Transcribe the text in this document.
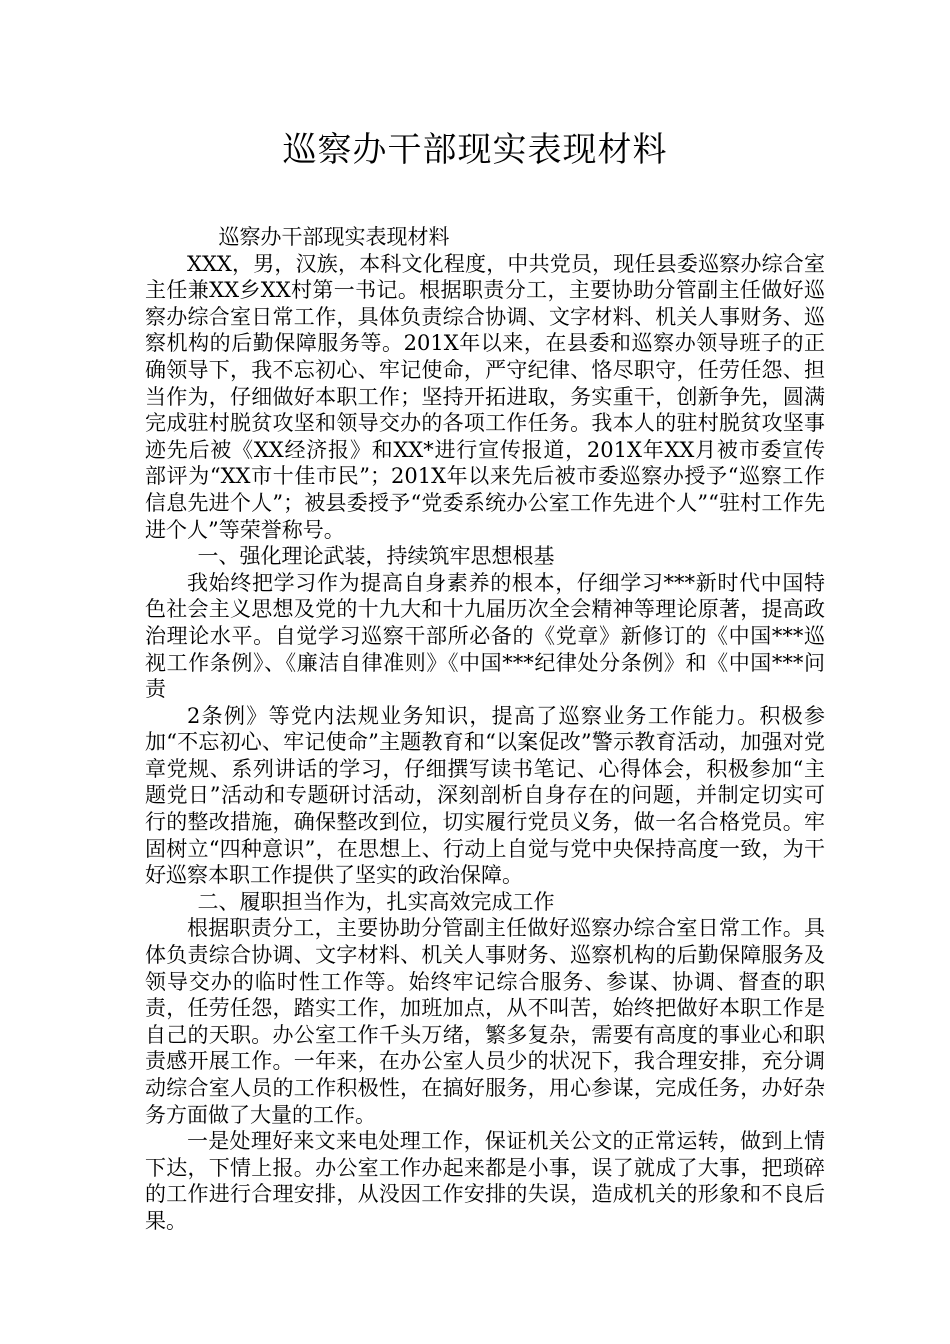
巡察办干部现实表现材料

巡察办干部现实表现材料

XXX，男，汉族，本科文化程度，中共党员，现任县委巡察办综合室主任兼XX乡XX村第一书记。根据职责分工，主要协助分管副主任做好巡察办综合室日常工作，具体负责综合协调、文字材料、机关人事财务、巡察机构的后勤保障服务等。201X年以来，在县委和巡察办领导班子的正确领导下，我不忘初心、牢记使命，严守纪律、恪尽职守，任劳任怨、担当作为，仔细做好本职工作；坚持开拓进取，务实重干，创新争先，圆满完成驻村脱贫攻坚和领导交办的各项工作任务。我本人的驻村脱贫攻坚事迹先后被《XX经济报》和XX*进行宣传报道，201X年XX月被市委宣传部评为“XX市十佳市民”；201X年以来先后被市委巡察办授予“巡察工作信息先进个人”；被县委授予“党委系统办公室工作先进个人”“驻村工作先进个人”等荣誉称号。

一、强化理论武装，持续筑牢思想根基

我始终把学习作为提高自身素养的根本，仔细学习***新时代中国特色社会主义思想及党的十九大和十九届历次全会精神等理论原著，提高政治理论水平。自觉学习巡察干部所必备的《党章》新修订的《中国***巡视工作条例》、《廉洁自律准则》《中国***纪律处分条例》和《中国***问责

2条例》等党内法规业务知识，提高了巡察业务工作能力。积极参加“不忘初心、牢记使命”主题教育和“以案促改”警示教育活动，加强对党章党规、系列讲话的学习，仔细撰写读书笔记、心得体会，积极参加“主题党日”活动和专题研讨活动，深刻剖析自身存在的问题，并制定切实可行的整改措施，确保整改到位，切实履行党员义务，做一名合格党员。牢固树立“四种意识”，在思想上、行动上自觉与党中央保持高度一致，为干好巡察本职工作提供了坚实的政治保障。

二、履职担当作为，扎实高效完成工作

根据职责分工，主要协助分管副主任做好巡察办综合室日常工作。具体负责综合协调、文字材料、机关人事财务、巡察机构的后勤保障服务及领导交办的临时性工作等。始终牢记综合服务、参谋、协调、督查的职责，任劳任怨，踏实工作，加班加点，从不叫苦，始终把做好本职工作是自己的天职。办公室工作千头万绪，繁多复杂，需要有高度的事业心和职责感开展工作。一年来，在办公室人员少的状况下，我合理安排，充分调动综合室人员的工作积极性，在搞好服务，用心参谋，完成任务，办好杂务方面做了大量的工作。

一是处理好来文来电处理工作，保证机关公文的正常运转，做到上情下达，下情上报。办公室工作办起来都是小事，误了就成了大事，把琐碎的工作进行合理安排，从没因工作安排的失误，造成机关的形象和不良后果。
